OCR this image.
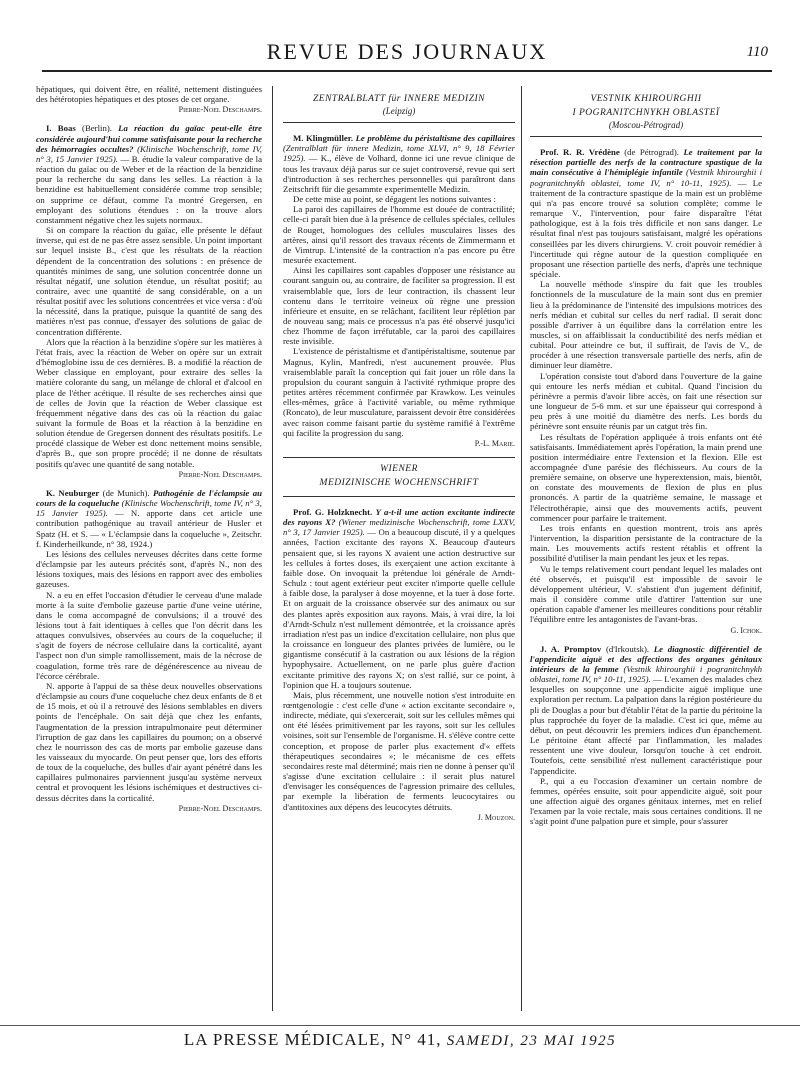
REVUE DES JOURNAUX	110

hépatiques, qui doivent être, en réalité, nettement distinguées des hétérotopies hépatiques et des ptoses de cet organe.

Pierre-Noel Deschamps.

I. Boas (Berlin). La réaction du gaïac peut-elle être considérée aujourd'hui comme satisfaisante pour la recherche des hémorragies occultes? (Klinische Wochenschrift, tome IV, n° 3, 15 Janvier 1925). — B. étudie la valeur comparative de la réaction du gaïac ou de Weber et de la réaction de la benzidine pour la recherche du sang dans les selles. La réaction à la benzidine est habituellement considérée comme trop sensible; on supprime ce défaut, comme l'a montré Gregersen, en employant des solutions étendues : on la trouve alors constamment négative chez les sujets normaux.

Si on compare la réaction du gaïac, elle présente le défaut inverse, qui est de ne pas être assez sensible. Un point important sur lequel insiste B., c'est que les résultats de la réaction dépendent de la concentration des solutions : en présence de quantités minimes de sang, une solution concentrée donne un résultat négatif, une solution étendue, un résultat positif; au contraire, avec une quantité de sang considérable, on a un résultat positif avec les solutions concentrées et vice versa : d'où la nécessité, dans la pratique, puisque la quantité de sang des matières n'est pas connue, d'essayer des solutions de gaïac de concentration différente.

Alors que la réaction à la benzidine s'opère sur les matières à l'état frais, avec la réaction de Weber on opère sur un extrait d'hémoglobine issu de ces dernières. B. a modifié la réaction de Weber classique en employant, pour extraire des selles la matière colorante du sang, un mélange de chloral et d'alcool en place de l'éther acétique. Il résulte de ses recherches ainsi que de celles de Jovin que la réaction de Weber classique est fréquemment négative dans des cas où la réaction du gaïac suivant la formule de Boas et la réaction à la benzidine en solution étendue de Gregersen donnent des résultats positifs. Le procédé classique de Weber est donc nettement moins sensible, d'après B., que son propre procédé; il ne donne de résultats positifs qu'avec une quantité de sang notable.

Pierre-Noel Deschamps.

K. Neuburger (de Munich). Pathogénie de l'éclampsie au cours de la coqueluche (Klinische Wochenschrift, tome IV, n° 3, 15 Janvier 1925). — N. apporte dans cet article une contribution pathogénique au travail antérieur de Husler et Spatz (H. et S. — « L'éclampsie dans la coqueluche », Zeitschr. f. Kinderheilkunde, n° 38, 1924.)

Les lésions des cellules nerveuses décrites dans cette forme d'éclampsie par les auteurs précités sont, d'après N., non des lésions toxiques, mais des lésions en rapport avec des embolies gazeuses.

N. a eu en effet l'occasion d'étudier le cerveau d'une malade morte à la suite d'embolie gazeuse partie d'une veine utérine, dans le coma accompagné de convulsions; il a trouvé des lésions tout à fait identiques à celles que l'on décrit dans les attaques convulsives, observées au cours de la coqueluche; il s'agit de foyers de nécrose cellulaire dans la corticalité, ayant l'aspect non d'un simple ramollissement, mais de la nécrose de coagulation, forme très rare de dégénérescence au niveau de l'écorce cérébrale.

N. apporte à l'appui de sa thèse deux nouvelles observations d'éclampsie au cours d'une coqueluche chez deux enfants de 8 et de 15 mois, et où il a retrouvé des lésions semblables en divers points de l'encéphale. On sait déjà que chez les enfants, l'augmentation de la pression intrapulmonaire peut déterminer l'irruption de gaz dans les capillaires du poumon; on a observé chez le nourrisson des cas de morts par embolie gazeuse dans les vaisseaux du myocarde. On peut penser que, lors des efforts de toux de la coqueluche, des bulles d'air ayant pénétré dans les capillaires pulmonaires parviennent jusqu'au système nerveux central et provoquent les lésions ischémiques et destructives ci-dessus décrites dans la corticalité.

Pierre-Noel Deschamps.

ZENTRALBLATT für INNERE MEDIZIN
(Leipzig)

M. Klingmüller. Le problème du péristaltisme des capillaires (Zentralblatt für innere Medizin, tome XLVI, n° 9, 18 Février 1925). — K., élève de Volhard, donne ici une revue clinique de tous les travaux déjà parus sur ce sujet controversé, revue qui sert d'introduction à ses recherches personnelles qui paraîtront dans Zeitschrift für die gesammte experimentelle Medizin.

De cette mise au point, se dégagent les notions suivantes :

La paroi des capillaires de l'homme est douée de contractilité; celle-ci paraît bien due à la présence de cellules spéciales, cellules de Rouget, homologues des cellules musculaires lisses des artères, ainsi qu'il ressort des travaux récents de Zimmermann et de Vimtrup. L'intensité de la contraction n'a pas encore pu être mesurée exactement.

Ainsi les capillaires sont capables d'opposer une résistance au courant sanguin ou, au contraire, de faciliter sa progression. Il est vraisemblable que, lors de leur contraction, ils chassent leur contenu dans le territoire veineux où règne une pression inférieure et ensuite, en se relâchant, facilitent leur réplétion par de nouveau sang; mais ce processus n'a pas été observé jusqu'ici chez l'homme de façon irréfutable, car la paroi des capillaires reste invisible.

L'existence de péristaltisme et d'antipéristaltisme, soutenue par Magnus, Kylin, Manfredi, n'est aucunement prouvée. Plus vraisemblable paraît la conception qui fait jouer un rôle dans la propulsion du courant sanguin à l'activité rythmique propre des petites artères récemment confirmée par Krawkow. Les veinules elles-mêmes, grâce à l'activité variable, ou même rythmique (Roncato), de leur musculature, paraissent devoir être considérées avec raison comme faisant partie du système ramifié à l'extrême qui facilite la progression du sang.

P.-L. Marie.

WIENER
MEDIZINISCHE WOCHENSCHRIFT

Prof. G. Holzknecht. Y a-t-il une action excitante indirecte des rayons X? (Wiener medizinische Wochenschrift, tome LXXV, n° 3, 17 Janvier 1925). — On a beaucoup discuté, il y a quelques années, l'action excitante des rayons X. Beaucoup d'auteurs pensaient que, si les rayons X avaient une action destructive sur les cellules à fortes doses, ils exerçaient une action excitante à faible dose. On invoquait la prétendue loi générale de Arndt-Schulz : tout agent extérieur peut exciter n'importe quelle cellule à faible dose, la paralyser à dose moyenne, et la tuer à dose forte. Et on arguait de la croissance observée sur des animaux ou sur des plantes après exposition aux rayons. Mais, à vrai dire, la loi d'Arndt-Schulz n'est nullement démontrée, et la croissance après irradiation n'est pas un indice d'excitation cellulaire, non plus que la croissance en longueur des plantes privées de lumière, ou le gigantisme consécutif à la castration ou aux lésions de la région hypophysaire. Actuellement, on ne parle plus guère d'action excitante primitive des rayons X; on s'est rallié, sur ce point, à l'opinion que H. a toujours soutenue.

Mais, plus récemment, une nouvelle notion s'est introduite en rœntgenologie : c'est celle d'une « action excitante secondaire », indirecte, médiate, qui s'exercerait, soit sur les cellules mêmes qui ont été lésées primitivement par les rayons, soit sur les cellules voisines, soit sur l'ensemble de l'organisme. H. s'élève contre cette conception, et propose de parler plus exactement d'« effets thérapeutiques secondaires »; le mécanisme de ces effets secondaires reste mal déterminé; mais rien ne donne à penser qu'il s'agisse d'une excitation cellulaire : il serait plus naturel d'envisager les conséquences de l'agression primaire des cellules, par exemple la libération de ferments leucocytaires ou d'antitoxines aux dépens des leucocytes détruits.

J. Mouzon.

VESTNIK KHIROURGHII
I POGRANITCHNYKH OBLASTEÏ
(Moscou-Pétrograd)

Prof. R. R. Vrédène (de Pétrograd). Le traitement par la résection partielle des nerfs de la contracture spastique de la main consécutive à l'hémiplégie infantile (Vestnik khirourghii i pogranitchnykh oblastei, tome IV, n° 10-11, 1925). — Le traitement de la contracture spastique de la main est un problème qui n'a pas encore trouvé sa solution complète; comme le remarque V., l'intervention, pour faire disparaître l'état pathologique, est à la fois très difficile et non sans danger. Le résultat final n'est pas toujours satisfaisant, malgré les opérations conseillées par les divers chirurgiens. V. croit pouvoir remédier à l'incertitude qui règne autour de la question compliquée en proposant une résection partielle des nerfs, d'après une technique spéciale.

La nouvelle méthode s'inspire du fait que les troubles fonctionnels de la musculature de la main sont dus en premier lieu à la prédominance de l'intensité des impulsions motrices des nerfs médian et cubital sur celles du nerf radial. Il serait donc possible d'arriver à un équilibre dans la corrélation entre les muscles, si on affaiblissait la conductibilité des nerfs médian et cubital. Pour atteindre ce but, il suffirait, de l'avis de V., de procéder à une résection transversale partielle des nerfs, afin de diminuer leur diamètre.

L'opération consiste tout d'abord dans l'ouverture de la gaine qui entoure les nerfs médian et cubital. Quand l'incision du périnèvre a permis d'avoir libre accès, on fait une résection sur une longueur de 5-6 mm. et sur une épaisseur qui correspond à peu près à une moitié du diamètre des nerfs. Les bords du périnèvre sont ensuite réunis par un catgut très fin.

Les résultats de l'opération appliquée à trois enfants ont été satisfaisants. Immédiatement après l'opération, la main prend une position intermédiaire entre l'extension et la flexion. Elle est accompagnée d'une parésie des fléchisseurs. Au cours de la première semaine, on observe une hyperextension, mais, bientôt, on constate des mouvements de flexion de plus en plus prononcés. A partir de la quatrième semaine, le massage et l'électrothérapie, ainsi que des mouvements actifs, peuvent commencer pour parfaire le traitement.

Les trois enfants en question montrent, trois ans après l'intervention, la disparition persistante de la contracture de la main. Les mouvements actifs restent rétablis et offrent la possibilité d'utiliser la main pendant les jeux et les repas.

Vu le temps relativement court pendant lequel les malades ont été observés, et puisqu'il est impossible de savoir le développement ultérieur, V. s'abstient d'un jugement définitif, mais il considère comme utile d'attirer l'attention sur une opération capable d'amener les meilleures conditions pour rétablir l'équilibre entre les antagonistes de l'avant-bras.

G. Ichok.

J. A. Promptov (d'Irkoutsk). Le diagnostic différentiel de l'appendicite aiguë et des affections des organes génitaux intérieurs de la femme (Vestnik khirourghii i pogranitchnykh oblastei, tome IV, n° 10-11, 1925). — L'examen des malades chez lesquelles on soupçonne une appendicite aiguë implique une exploration per rectum. La palpation dans la région postérieure du pli de Douglas a pour but d'établir l'état de la partie du péritoine la plus rapprochée du foyer de la maladie. C'est ici que, même au début, on peut découvrir les premiers indices d'un épanchement. Le péritoine étant affecté par l'inflammation, les malades ressentent une vive douleur, lorsqu'on touche à cet endroit. Toutefois, cette sensibilité n'est nullement caractéristique pour l'appendicite.

P., qui a eu l'occasion d'examiner un certain nombre de femmes, opérées ensuite, soit pour appendicite aiguë, soit pour une affection aiguë des organes génitaux internes, met en relief l'examen par la voie rectale, mais sous certaines conditions. Il ne s'agit point d'une palpation pure et simple, pour s'assurer

LA PRESSE MÉDICALE, N° 41, SAMEDI, 23 MAI 1925
